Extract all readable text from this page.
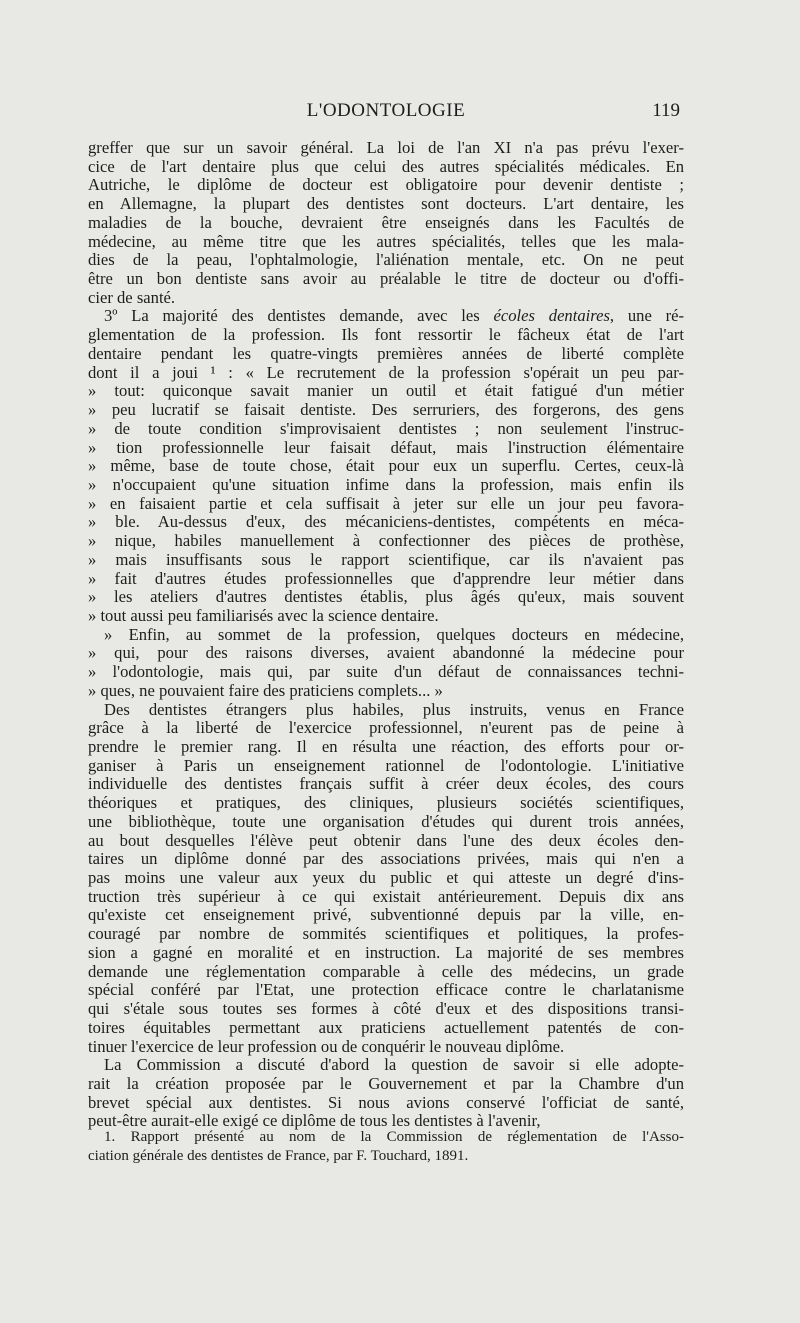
L'ODONTOLOGIE	119
greffer que sur un savoir général. La loi de l'an XI n'a pas prévu l'exer-
cice de l'art dentaire plus que celui des autres spécialités médicales. En
Autriche, le diplôme de docteur est obligatoire pour devenir dentiste ;
en Allemagne, la plupart des dentistes sont docteurs. L'art dentaire, les
maladies de la bouche, devraient être enseignés dans les Facultés de
médecine, au même titre que les autres spécialités, telles que les mala-
dies de la peau, l'ophtalmologie, l'aliénation mentale, etc. On ne peut
être un bon dentiste sans avoir au préalable le titre de docteur ou d'offi-
cier de santé.
3º La majorité des dentistes demande, avec les écoles dentaires, une ré-
glementation de la profession. Ils font ressortir le fâcheux état de l'art
dentaire pendant les quatre-vingts premières années de liberté complète
dont il a joui ¹ : « Le recrutement de la profession s'opérait un peu par-
» tout: quiconque savait manier un outil et était fatigué d'un métier
» peu lucratif se faisait dentiste. Des serruriers, des forgerons, des gens
» de toute condition s'improvisaient dentistes ; non seulement l'instruc-
» tion professionnelle leur faisait défaut, mais l'instruction élémentaire
» même, base de toute chose, était pour eux un superflu. Certes, ceux-là
» n'occupaient qu'une situation infime dans la profession, mais enfin ils
» en faisaient partie et cela suffisait à jeter sur elle un jour peu favora-
» ble. Au-dessus d'eux, des mécaniciens-dentistes, compétents en méca-
» nique, habiles manuellement à confectionner des pièces de prothèse,
» mais insuffisants sous le rapport scientifique, car ils n'avaient pas
» fait d'autres études professionnelles que d'apprendre leur métier dans
» les ateliers d'autres dentistes établis, plus âgés qu'eux, mais souvent
» tout aussi peu familiarisés avec la science dentaire.
» Enfin, au sommet de la profession, quelques docteurs en médecine,
» qui, pour des raisons diverses, avaient abandonné la médecine pour
» l'odontologie, mais qui, par suite d'un défaut de connaissances techni-
» ques, ne pouvaient faire des praticiens complets... »
Des dentistes étrangers plus habiles, plus instruits, venus en France
grâce à la liberté de l'exercice professionnel, n'eurent pas de peine à
prendre le premier rang. Il en résulta une réaction, des efforts pour or-
ganiser à Paris un enseignement rationnel de l'odontologie. L'initiative
individuelle des dentistes français suffit à créer deux écoles, des cours
théoriques et pratiques, des cliniques, plusieurs sociétés scientifiques,
une bibliothèque, toute une organisation d'études qui durent trois années,
au bout desquelles l'élève peut obtenir dans l'une des deux écoles den-
taires un diplôme donné par des associations privées, mais qui n'en a
pas moins une valeur aux yeux du public et qui atteste un degré d'ins-
truction très supérieur à ce qui existait antérieurement. Depuis dix ans
qu'existe cet enseignement privé, subventionné depuis par la ville, en-
couragé par nombre de sommités scientifiques et politiques, la profes-
sion a gagné en moralité et en instruction. La majorité de ses membres
demande une réglementation comparable à celle des médecins, un grade
spécial conféré par l'Etat, une protection efficace contre le charlatanisme
qui s'étale sous toutes ses formes à côté d'eux et des dispositions transi-
toires équitables permettant aux praticiens actuellement patentés de con-
tinuer l'exercice de leur profession ou de conquérir le nouveau diplôme.
La Commission a discuté d'abord la question de savoir si elle adopte-
rait la création proposée par le Gouvernement et par la Chambre d'un
brevet spécial aux dentistes. Si nous avions conservé l'officiat de santé,
peut-être aurait-elle exigé ce diplôme de tous les dentistes à l'avenir,
1. Rapport présenté au nom de la Commission de réglementation de l'Asso-
ciation générale des dentistes de France, par F. Touchard, 1891.
